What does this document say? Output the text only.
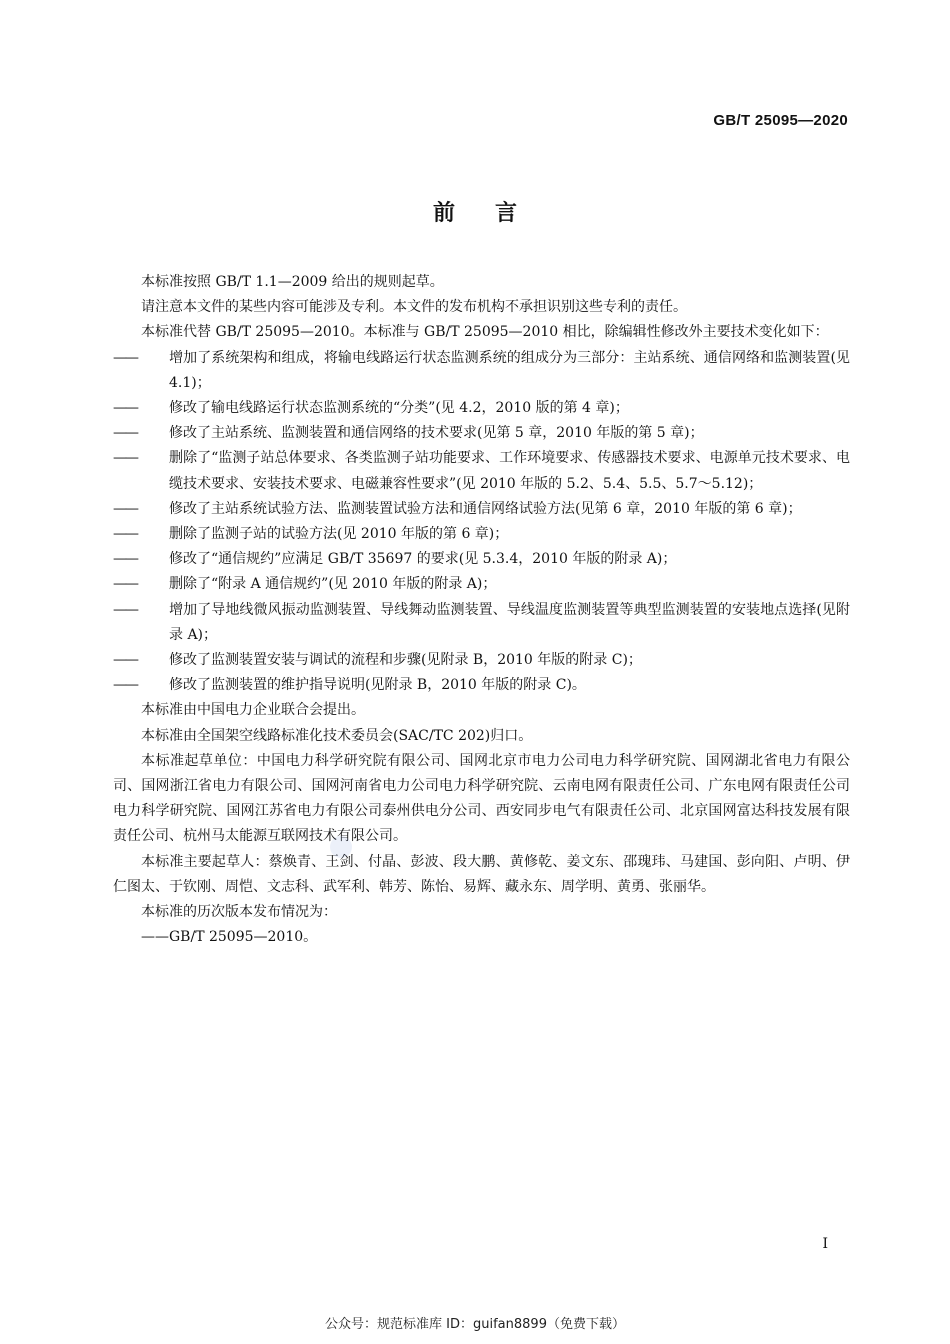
GB/T 25095—2020
前言

本标准按照 GB/T 1.1—2009 给出的规则起草。

请注意本文件的某些内容可能涉及专利。本文件的发布机构不承担识别这些专利的责任。

本标准代替 GB/T 25095—2010。本标准与 GB/T 25095—2010 相比，除编辑性修改外主要技术变化如下：

—— 增加了系统架构和组成，将输电线路运行状态监测系统的组成分为三部分：主站系统、通信网络和监测装置(见 4.1)；

—— 修改了输电线路运行状态监测系统的“分类”(见 4.2，2010 版的第 4 章)；

—— 修改了主站系统、监测装置和通信网络的技术要求(见第 5 章，2010 年版的第 5 章)；

—— 删除了“监测子站总体要求、各类监测子站功能要求、工作环境要求、传感器技术要求、电源单元技术要求、电缆技术要求、安装技术要求、电磁兼容性要求”(见 2010 年版的 5.2、5.4、5.5、5.7～5.12)；

—— 修改了主站系统试验方法、监测装置试验方法和通信网络试验方法(见第 6 章，2010 年版的第 6 章)；

—— 删除了监测子站的试验方法(见 2010 年版的第 6 章)；

—— 修改了“通信规约”应满足 GB/T 35697 的要求(见 5.3.4，2010 年版的附录 A)；

—— 删除了“附录 A 通信规约”(见 2010 年版的附录 A)；

—— 增加了导地线微风振动监测装置、导线舞动监测装置、导线温度监测装置等典型监测装置的安装地点选择(见附录 A)；

—— 修改了监测装置安装与调试的流程和步骤(见附录 B，2010 年版的附录 C)；

—— 修改了监测装置的维护指导说明(见附录 B，2010 年版的附录 C)。

本标准由中国电力企业联合会提出。

本标准由全国架空线路标准化技术委员会(SAC/TC 202)归口。

本标准起草单位：中国电力科学研究院有限公司、国网北京市电力公司电力科学研究院、国网湖北省电力有限公司、国网浙江省电力有限公司、国网河南省电力公司电力科学研究院、云南电网有限责任公司、广东电网有限责任公司电力科学研究院、国网江苏省电力有限公司泰州供电分公司、西安同步电气有限责任公司、北京国网富达科技发展有限责任公司、杭州马太能源互联网技术有限公司。

本标准主要起草人：蔡焕青、王剑、付晶、彭波、段大鹏、黄修乾、姜文东、邵瑰玮、马建国、彭向阳、卢明、伊仁图太、于钦刚、周恺、文志科、武军利、韩芳、陈怡、易辉、藏永东、周学明、黄勇、张丽华。

本标准的历次版本发布情况为：

——GB/T 25095—2010。

I
公众号：规范标准库 ID：guifan8899（免费下载）
